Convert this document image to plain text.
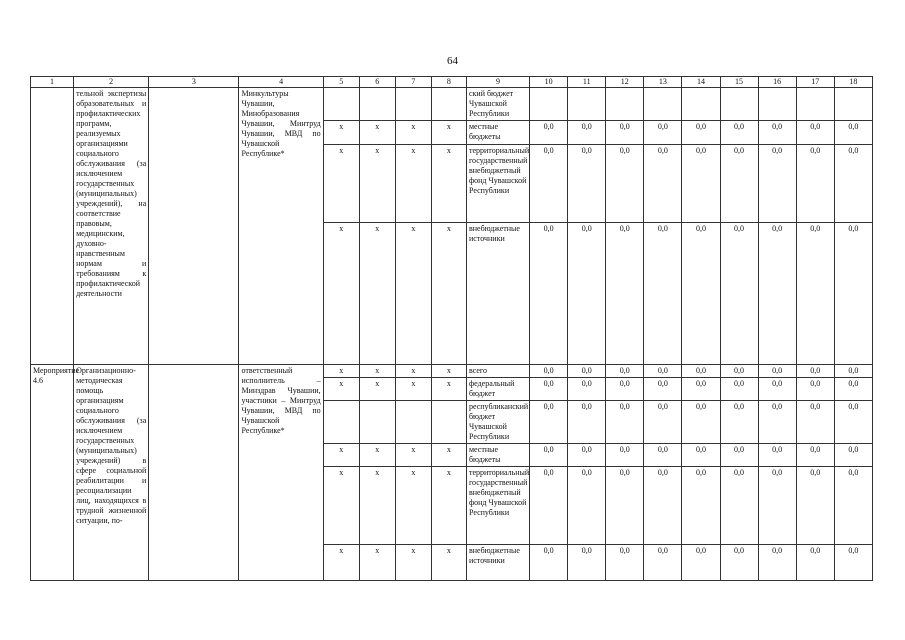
64
1	2	3	4	5	6	7	8	9	10	11	12	13	14	15	16	17	18
	тельной экспертизы образовательных и профилактических программ, реализуемых организациями социального обслуживания (за исключением государственных (муниципальных) учреждений), на соответствие правовым, медицинским, духовно-нравственным нормам и требованиям к профилактической деятельности		Минкультуры Чувашии, Минобразования Чувашии, Минтруд Чувашии, МВД по Чувашской Республике*					ский бюджет Чувашской Республики									
				x	x	x	x	местные бюджеты	0,0	0,0	0,0	0,0	0,0	0,0	0,0	0,0	0,0
				x	x	x	x	территориальный государственный внебюджетный фонд Чувашской Республики	0,0	0,0	0,0	0,0	0,0	0,0	0,0	0,0	0,0
				x	x	x	x	внебюджетные источники	0,0	0,0	0,0	0,0	0,0	0,0	0,0	0,0	0,0
Мероприятие 4.6	Организационно-методическая помощь организациям социального обслуживания (за исключением государственных (муниципальных) учреждений) в сфере социальной реабилитации и ресоциализации лиц, находящихся в трудной жизненной ситуации, по-		ответственный исполнитель – Минздрав Чувашии, участники – Минтруд Чувашии, МВД по Чувашской Республике*	x	x	x	x	всего	0,0	0,0	0,0	0,0	0,0	0,0	0,0	0,0	0,0
				x	x	x	x	федеральный бюджет	0,0	0,0	0,0	0,0	0,0	0,0	0,0	0,0	0,0
								республиканский бюджет Чувашской Республики	0,0	0,0	0,0	0,0	0,0	0,0	0,0	0,0	0,0
				x	x	x	x	местные бюджеты	0,0	0,0	0,0	0,0	0,0	0,0	0,0	0,0	0,0
				x	x	x	x	территориальный государственный внебюджетный фонд Чувашской Республики	0,0	0,0	0,0	0,0	0,0	0,0	0,0	0,0	0,0
				x	x	x	x	внебюджетные источники	0,0	0,0	0,0	0,0	0,0	0,0	0,0	0,0	0,0
